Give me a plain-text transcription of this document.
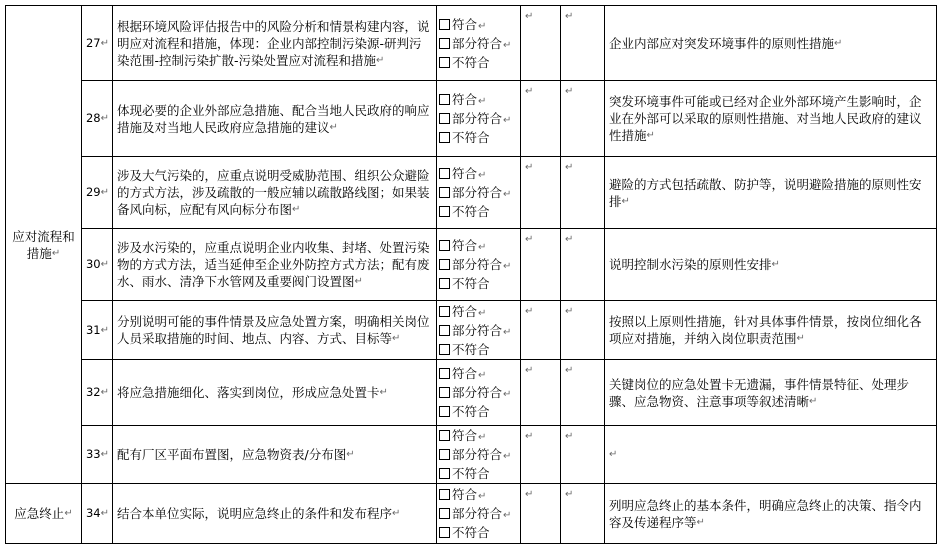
应对流程和措施↵	27↵	根据环境风险评估报告中的风险分析和情景构建内容，说明应对流程和措施，体现：企业内部控制污染源-研判污染范围-控制污染扩散-污染处置应对流程和措施↵	符合↵
部分符合↵
不符合	↵	↵	企业内部应对突发环境事件的原则性措施↵
	28↵	体现必要的企业外部应急措施、配合当地人民政府的响应措施及对当地人民政府应急措施的建议↵	符合↵
部分符合↵
不符合	↵	↵	突发环境事件可能或已经对企业外部环境产生影响时，企业在外部可以采取的原则性措施、对当地人民政府的建议性措施↵
	29↵	涉及大气污染的，应重点说明受威胁范围、组织公众避险的方式方法，涉及疏散的一般应辅以疏散路线图；如果装备风向标，应配有风向标分布图↵	符合↵
部分符合↵
不符合	↵	↵	避险的方式包括疏散、防护等，说明避险措施的原则性安排↵
	30↵	涉及水污染的，应重点说明企业内收集、封堵、处置污染物的方式方法，适当延伸至企业外防控方式方法；配有废水、雨水、清净下水管网及重要阀门设置图↵	符合↵
部分符合↵
不符合	↵	↵	说明控制水污染的原则性安排↵
	31↵	分别说明可能的事件情景及应急处置方案，明确相关岗位人员采取措施的时间、地点、内容、方式、目标等↵	符合↵
部分符合↵
不符合	↵	↵	按照以上原则性措施，针对具体事件情景，按岗位细化各项应对措施，并纳入岗位职责范围↵
	32↵	将应急措施细化、落实到岗位，形成应急处置卡↵	符合↵
部分符合↵
不符合	↵	↵	关键岗位的应急处置卡无遗漏，事件情景特征、处理步骤、应急物资、注意事项等叙述清晰↵
	33↵	配有厂区平面布置图，应急物资表/分布图↵	符合↵
部分符合↵
不符合	↵	↵	↵
应急终止↵	34↵	结合本单位实际，说明应急终止的条件和发布程序↵	符合↵
部分符合↵
不符合	↵	↵	列明应急终止的基本条件，明确应急终止的决策、指令内容及传递程序等↵
